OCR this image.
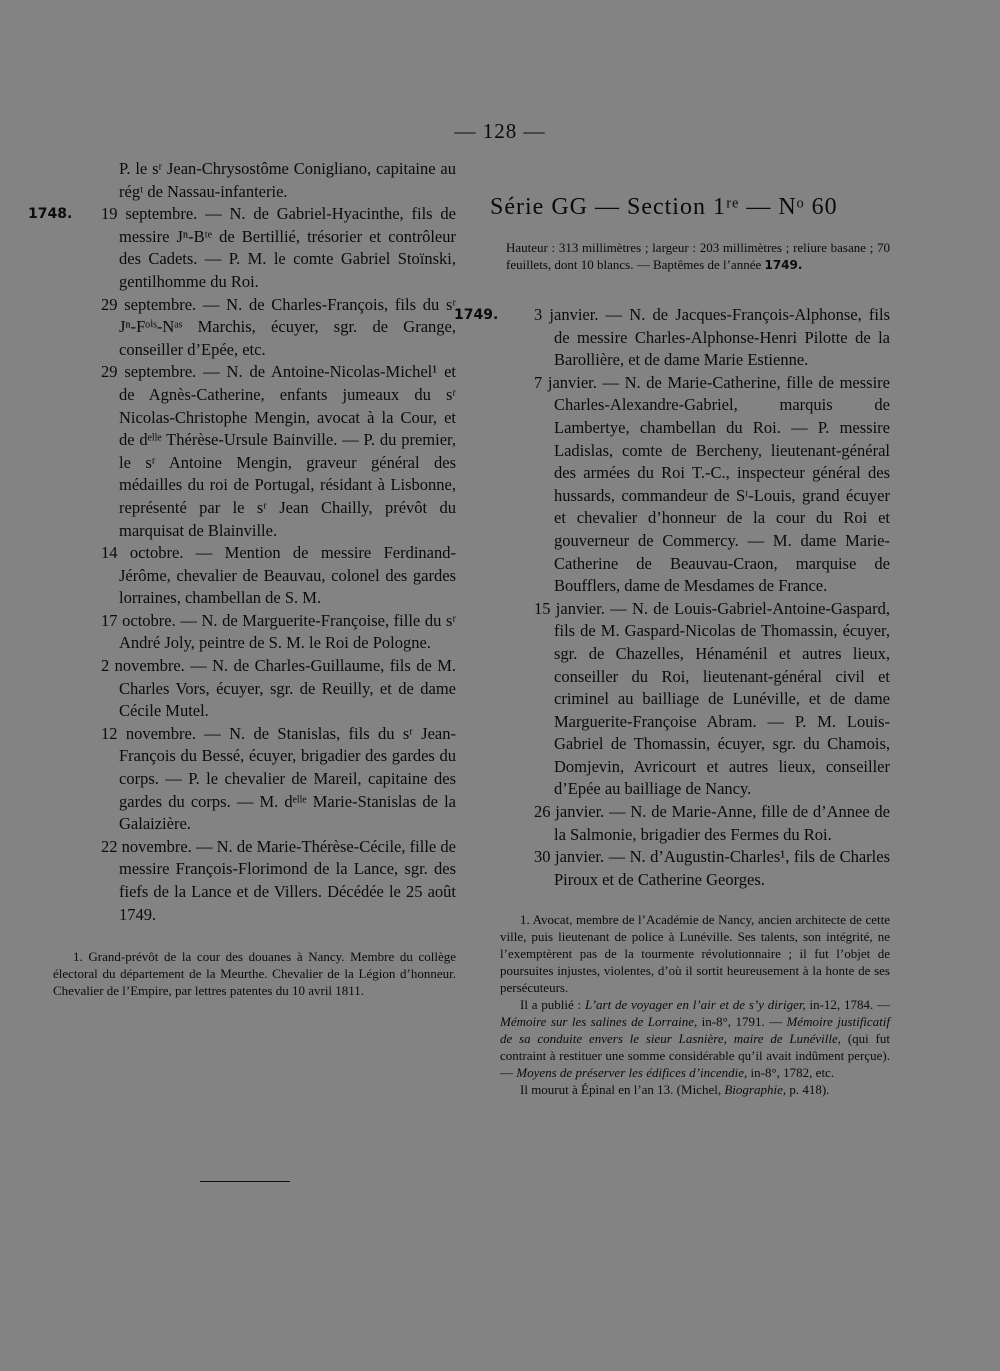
— 128 —

P. le sʳ Jean-Chrysostôme Conigliano, capitaine au régᵗ de Nassau-infanterie.

1748. 19 septembre. — N. de Gabriel-Hyacinthe, fils de messire Jⁿ-Bᵗᵉ de Bertillié, trésorier et contrôleur des Cadets. — P. M. le comte Gabriel Stoïnski, gentilhomme du Roi.

29 septembre. — N. de Charles-François, fils du sʳ Jⁿ-Fᵒⁱˢ-Nᵃˢ Marchis, écuyer, sgr. de Grange, conseiller d’Epée, etc.

29 septembre. — N. de Antoine-Nicolas-Michel¹ et de Agnès-Catherine, enfants jumeaux du sʳ Nicolas-Christophe Mengin, avocat à la Cour, et de dᵉˡˡᵉ Thérèse-Ursule Bainville. — P. du premier, le sʳ Antoine Mengin, graveur général des médailles du roi de Portugal, résidant à Lisbonne, représenté par le sʳ Jean Chailly, prévôt du marquisat de Blainville.

14 octobre. — Mention de messire Ferdinand-Jérôme, chevalier de Beauvau, colonel des gardes lorraines, chambellan de S. M.

17 octobre. — N. de Marguerite-Françoise, fille du sʳ André Joly, peintre de S. M. le Roi de Pologne.

2 novembre. — N. de Charles-Guillaume, fils de M. Charles Vors, écuyer, sgr. de Reuilly, et de dame Cécile Mutel.

12 novembre. — N. de Stanislas, fils du sʳ Jean-François du Bessé, écuyer, brigadier des gardes du corps. — P. le chevalier de Mareil, capitaine des gardes du corps. — M. dᵉˡˡᵉ Marie-Stanislas de la Galaizière.

22 novembre. — N. de Marie-Thérèse-Cécile, fille de messire François-Florimond de la Lance, sgr. des fiefs de la Lance et de Villers. Décédée le 25 août 1749.

1. Grand-prévôt de la cour des douanes à Nancy. Membre du collège électoral du département de la Meurthe. Chevalier de la Légion d’honneur. Chevalier de l’Empire, par lettres patentes du 10 avril 1811.

Série GG — Section 1ʳᵉ — Nᵒ 60

Hauteur : 313 millimètres ; largeur : 203 millimètres ; reliure basane ; 70 feuillets, dont 10 blancs. — Baptêmes de l’année 1749.

1749. 3 janvier. — N. de Jacques-François-Alphonse, fils de messire Charles-Alphonse-Henri Pilotte de la Barollière, et de dame Marie Estienne.

7 janvier. — N. de Marie-Catherine, fille de messire Charles-Alexandre-Gabriel, marquis de Lambertye, chambellan du Roi. — P. messire Ladislas, comte de Bercheny, lieutenant-général des armées du Roi T.-C., inspecteur général des hussards, commandeur de Sᵗ-Louis, grand écuyer et chevalier d’honneur de la cour du Roi et gouverneur de Commercy. — M. dame Marie-Catherine de Beauvau-Craon, marquise de Boufflers, dame de Mesdames de France.

15 janvier. — N. de Louis-Gabriel-Antoine-Gaspard, fils de M. Gaspard-Nicolas de Thomassin, écuyer, sgr. de Chazelles, Hénaménil et autres lieux, conseiller du Roi, lieutenant-général civil et criminel au bailliage de Lunéville, et de dame Marguerite-Françoise Abram. — P. M. Louis-Gabriel de Thomassin, écuyer, sgr. du Chamois, Domjevin, Avricourt et autres lieux, conseiller d’Epée au bailliage de Nancy.

26 janvier. — N. de Marie-Anne, fille de d’Annee de la Salmonie, brigadier des Fermes du Roi.

30 janvier. — N. d’Augustin-Charles¹, fils de Charles Piroux et de Catherine Georges.

1. Avocat, membre de l’Académie de Nancy, ancien architecte de cette ville, puis lieutenant de police à Lunéville. Ses talents, son intégrité, ne l’exemptèrent pas de la tourmente révolutionnaire ; il fut l’objet de poursuites injustes, violentes, d’où il sortit heureusement à la honte de ses persécuteurs.

Il a publié : L’art de voyager en l’air et de s’y diriger, in-12, 1784. — Mémoire sur les salines de Lorraine, in-8°, 1791. — Mémoire justificatif de sa conduite envers le sieur Lasnière, maire de Lunéville, (qui fut contraint à restituer une somme considérable qu’il avait indûment perçue). — Moyens de préserver les édifices d’incendie, in-8°, 1782, etc.

Il mourut à Épinal en l’an 13. (Michel, Biographie, p. 418).
